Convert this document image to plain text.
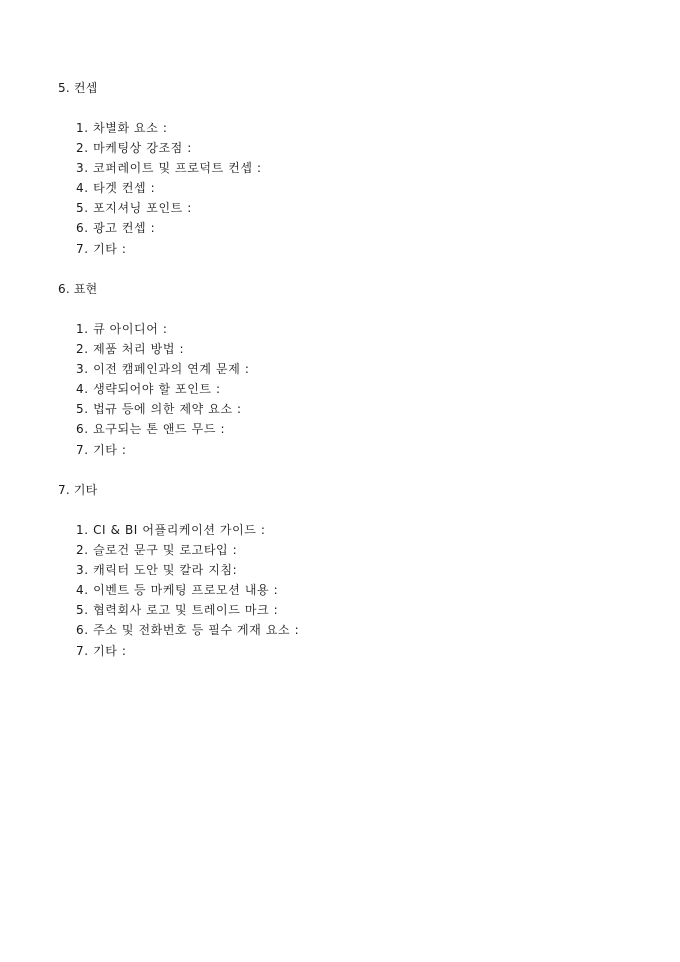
5. 컨셉
1. 차별화 요소 :
2. 마케팅상 강조점 :
3. 코퍼레이트 및 프로덕트 컨셉 :
4. 타겟 컨셉 :
5. 포지셔닝 포인트 :
6. 광고 컨셉 :
7. 기타 :
6. 표현
1. 큐 아이디어 :
2. 제품 처리 방법 :
3. 이전 캠페인과의 연계 문제 :
4. 생략되어야 할 포인트 :
5. 법규 등에 의한 제약 요소 :
6. 요구되는 톤 앤드 무드 :
7. 기타 :
7. 기타
1. CI & BI 어플리케이션 가이드 :
2. 슬로건 문구 및 로고타입 :
3. 캐릭터 도안 및 칼라 지침:
4. 이벤트 등 마케팅 프로모션 내용 :
5. 협력회사 로고 및 트레이드 마크 :
6. 주소 및 전화번호 등 필수 게재 요소 :
7. 기타 :
